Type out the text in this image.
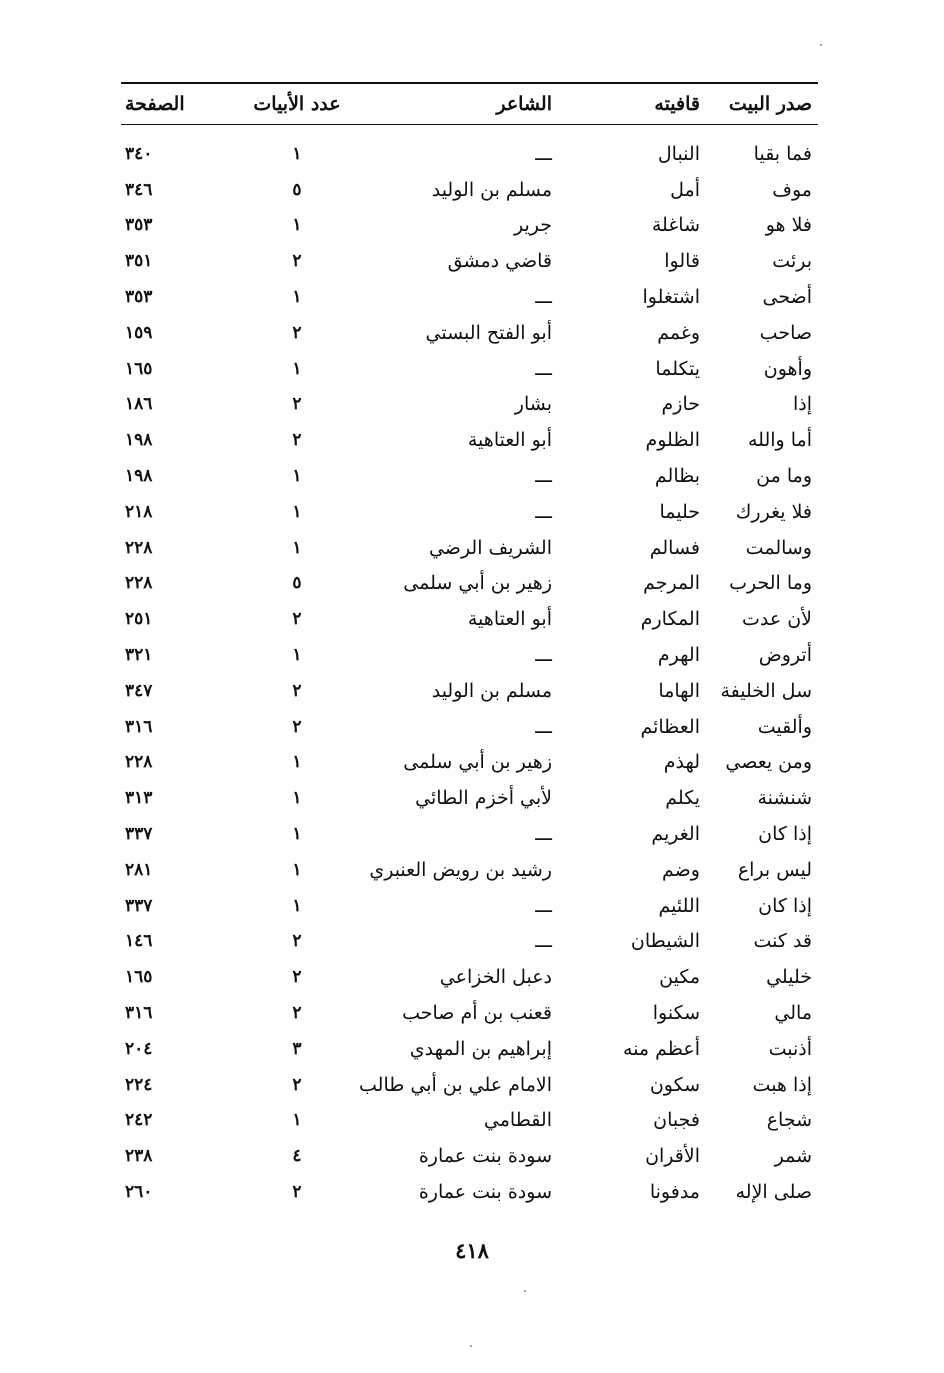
صدر البيت
قافيته
الشاعر
عدد الأبيات
الصفحة
فما بقيا
النبال
ـــ
١
٣٤٠
موف
أمل
مسلم بن الوليد
٥
٣٤٦
فلا هو
شاغلة
جرير
١
٣٥٣
برئت
قالوا
قاضي دمشق
٢
٣٥١
أضحى
اشتغلوا
ـــ
١
٣٥٣
صاحب
وغمم
أبو الفتح البستي
٢
١٥٩
وأهون
يتكلما
ـــ
١
١٦٥
إذا
حازم
بشار
٢
١٨٦
أما والله
الظلوم
أبو العتاهية
٢
١٩٨
وما من
بظالم
ـــ
١
١٩٨
فلا يغررك
حليما
ـــ
١
٢١٨
وسالمت
فسالم
الشريف الرضي
١
٢٢٨
وما الحرب
المرجم
زهير بن أبي سلمى
٥
٢٢٨
لأن عدت
المكارم
أبو العتاهية
٢
٢٥١
أتروض
الهرم
ـــ
١
٣٢١
سل الخليفة
الهاما
مسلم بن الوليد
٢
٣٤٧
وألقيت
العظائم
ـــ
٢
٣١٦
ومن يعصي
لهذم
زهير بن أبي سلمى
١
٢٢٨
شنشنة
يكلم
لأبي أخزم الطائي
١
٣١٣
إذا كان
الغريم
ـــ
١
٣٣٧
ليس براع
وضم
رشيد بن رويض العنبري
١
٢٨١
إذا كان
اللئيم
ـــ
١
٣٣٧
قد كنت
الشيطان
ـــ
٢
١٤٦
خليلي
مكين
دعبل الخزاعي
٢
١٦٥
مالي
سكنوا
قعنب بن أم صاحب
٢
٣١٦
أذنبت
أعظم منه
إبراهيم بن المهدي
٣
٢٠٤
إذا هبت
سكون
الامام علي بن أبي طالب
٢
٢٢٤
شجاع
فجبان
القطامي
١
٢٤٢
شمر
الأقران
سودة بنت عمارة
٤
٢٣٨
صلى الإله
مدفونا
سودة بنت عمارة
٢
٢٦٠
٤١٨
